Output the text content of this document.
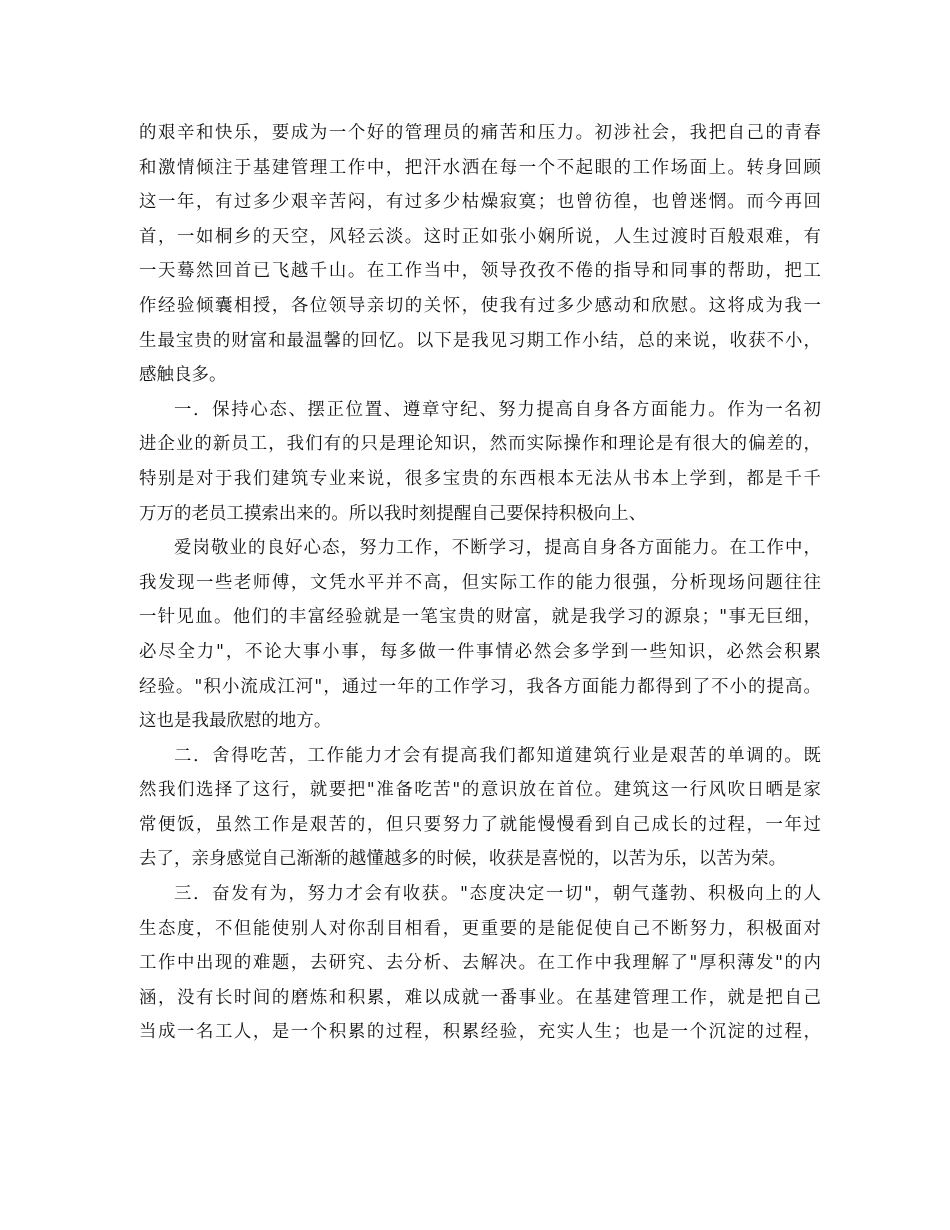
的艰辛和快乐，要成为一个好的管理员的痛苦和压力。初涉社会，我把自己的青春
和激情倾注于基建管理工作中，把汗水洒在每一个不起眼的工作场面上。转身回顾
这一年，有过多少艰辛苦闷，有过多少枯燥寂寞；也曾彷徨，也曾迷惘。而今再回
首，一如桐乡的天空，风轻云淡。这时正如张小娴所说，人生过渡时百般艰难，有
一天蓦然回首已飞越千山。在工作当中，领导孜孜不倦的指导和同事的帮助，把工
作经验倾囊相授，各位领导亲切的关怀，使我有过多少感动和欣慰。这将成为我一
生最宝贵的财富和最温馨的回忆。以下是我见习期工作小结，总的来说，收获不小，
感触良多。
一．保持心态、摆正位置、遵章守纪、努力提高自身各方面能力。作为一名初
进企业的新员工，我们有的只是理论知识，然而实际操作和理论是有很大的偏差的，
特别是对于我们建筑专业来说，很多宝贵的东西根本无法从书本上学到，都是千千
万万的老员工摸索出来的。所以我时刻提醒自己要保持积极向上、
爱岗敬业的良好心态，努力工作，不断学习，提高自身各方面能力。在工作中，
我发现一些老师傅，文凭水平并不高，但实际工作的能力很强，分析现场问题往往
一针见血。他们的丰富经验就是一笔宝贵的财富，就是我学习的源泉；"事无巨细，
必尽全力"，不论大事小事，每多做一件事情必然会多学到一些知识，必然会积累
经验。"积小流成江河"，通过一年的工作学习，我各方面能力都得到了不小的提高。
这也是我最欣慰的地方。
二．舍得吃苦，工作能力才会有提高我们都知道建筑行业是艰苦的单调的。既
然我们选择了这行，就要把"准备吃苦"的意识放在首位。建筑这一行风吹日晒是家
常便饭，虽然工作是艰苦的，但只要努力了就能慢慢看到自己成长的过程，一年过
去了，亲身感觉自己渐渐的越懂越多的时候，收获是喜悦的，以苦为乐，以苦为荣。
三．奋发有为，努力才会有收获。"态度决定一切"，朝气蓬勃、积极向上的人
生态度，不但能使别人对你刮目相看，更重要的是能促使自己不断努力，积极面对
工作中出现的难题，去研究、去分析、去解决。在工作中我理解了"厚积薄发"的内
涵，没有长时间的磨炼和积累，难以成就一番事业。在基建管理工作，就是把自己
当成一名工人，是一个积累的过程，积累经验，充实人生；也是一个沉淀的过程，
